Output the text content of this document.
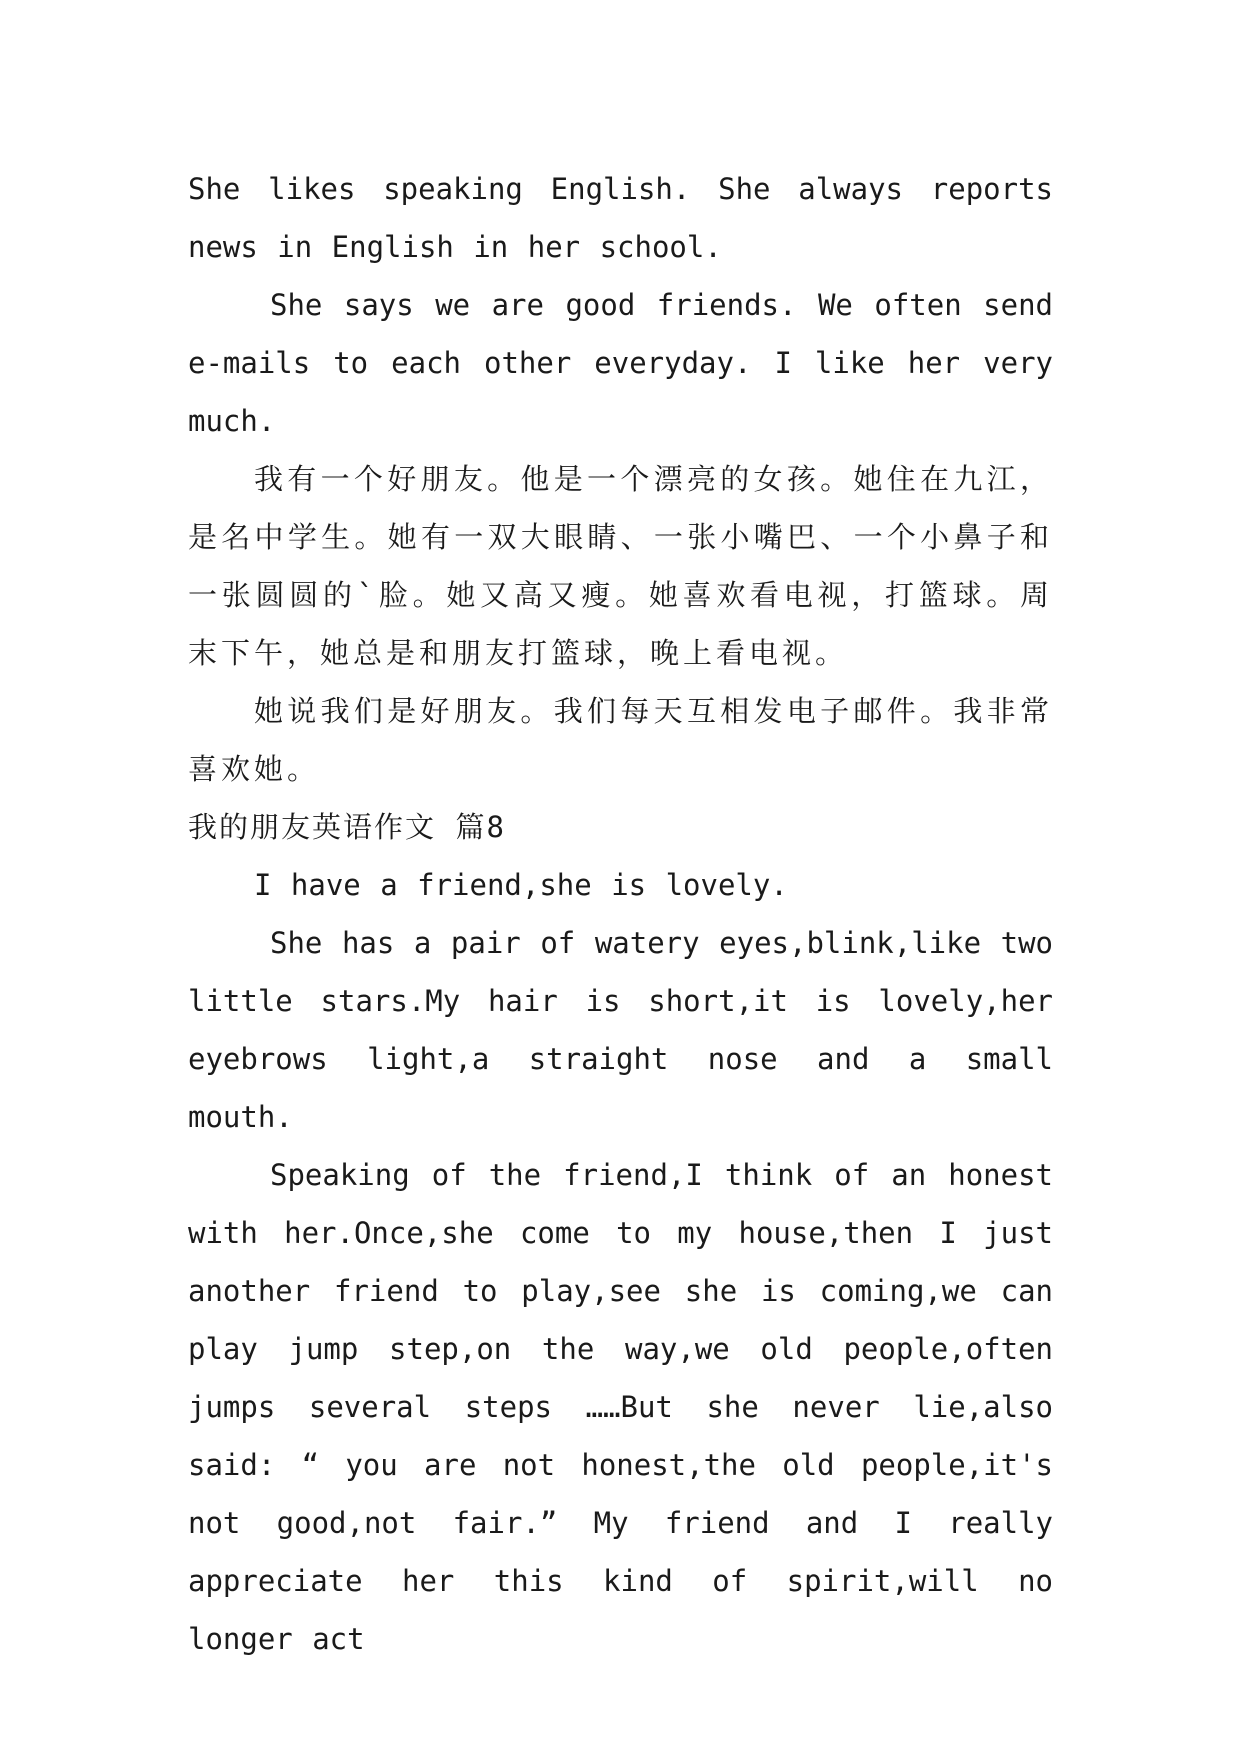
She likes speaking English. She always reports news in English in her school.

She says we are good friends. We often send e-mails to each other everyday. I like her very much.

我有一个好朋友。他是一个漂亮的女孩。她住在九江，是名中学生。她有一双大眼睛、一张小嘴巴、一个小鼻子和一张圆圆的`脸。她又高又瘦。她喜欢看电视，打篮球。周末下午，她总是和朋友打篮球，晚上看电视。

她说我们是好朋友。我们每天互相发电子邮件。我非常喜欢她。

我的朋友英语作文 篇8

I have a friend,she is lovely.

She has a pair of watery eyes,blink,like two little stars.My hair is short,it is lovely,her eyebrows light,a straight nose and a small mouth.

Speaking of the friend,I think of an honest with her.Once,she come to my house,then I just another friend to play,see she is coming,we can play jump step,on the way,we old people,often jumps several steps ……But she never lie,also said: “ you are not honest,the old people,it's not good,not fair.” My friend and I really appreciate her this kind of spirit,will no longer act
